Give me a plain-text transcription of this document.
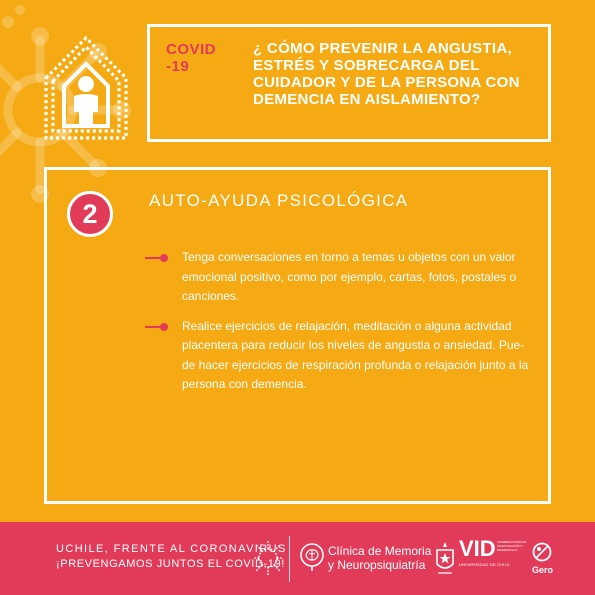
COVID
-19
¿ CÓMO PREVENIR LA ANGUSTIA, ESTRÉS Y SOBRECARGA DEL CUIDADOR Y DE LA PERSONA CON DEMENCIA EN AISLAMIENTO?
2	AUTO-AYUDA PSICOLÓGICA
Tenga conversaciones en torno a temas u objetos con un valor emocional positivo, como por ejemplo, cartas, fotos, postales o canciones.
Realice ejercicios de relajación, meditación o alguna actividad placentera para reducir los niveles de angustia o ansiedad. Pue- de hacer ejercicios de respiración profunda o relajación junto a la persona con demencia.
UCHILE, FRENTE AL CORONAVIRUS
¡PREVENGAMOS JUNTOS EL COVID-19!
Clínica de Memoria
y Neuropsiquiatría
VID VICERRECTORÍA DE INVESTIGACIÓN Y DESARROLLO
UNIVERSIDAD DE CHILE
Gero
